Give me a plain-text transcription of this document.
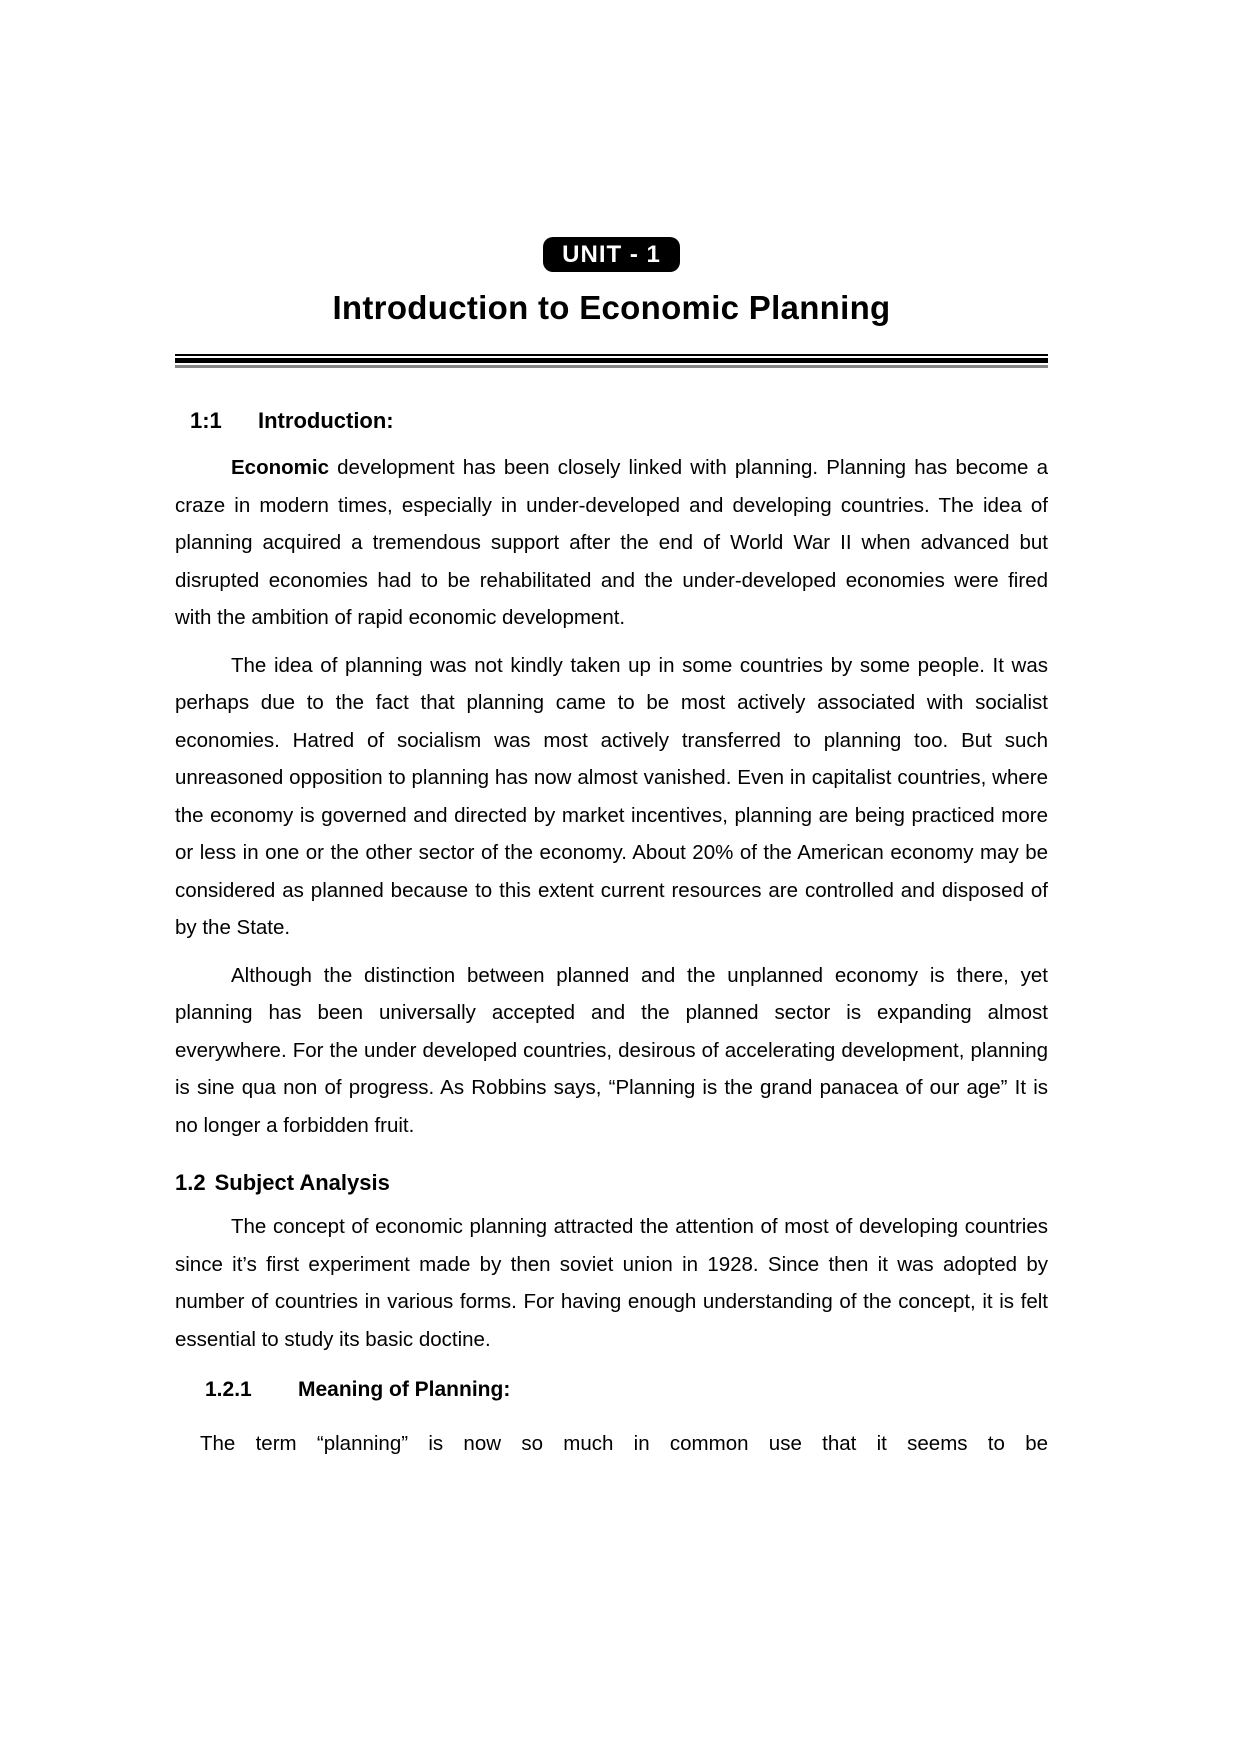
UNIT - 1
Introduction to Economic Planning
1:1 Introduction:

Economic development has been closely linked with planning. Planning has become a craze in modern times, especially in under-developed and developing countries. The idea of planning acquired a tremendous support after the end of World War II when advanced but disrupted economies had to be rehabilitated and the under-developed economies were fired with the ambition of rapid economic development.

The idea of planning was not kindly taken up in some countries by some people. It was perhaps due to the fact that planning came to be most actively associated with socialist economies. Hatred of socialism was most actively transferred to planning too. But such unreasoned opposition to planning has now almost vanished. Even in capitalist countries, where the economy is governed and directed by market incentives, planning are being practiced more or less in one or the other sector of the economy. About 20% of the American economy may be considered as planned because to this extent current resources are controlled and disposed of by the State.

Although the distinction between planned and the unplanned economy is there, yet planning has been universally accepted and the planned sector is expanding almost everywhere. For the under developed countries, desirous of accelerating development, planning is sine qua non of progress. As Robbins says, “Planning is the grand panacea of our age” It is no longer a forbidden fruit.

1.2 Subject Analysis

The concept of economic planning attracted the attention of most of developing countries since it’s first experiment made by then soviet union in 1928. Since then it was adopted by number of countries in various forms. For having enough understanding of the concept, it is felt essential to study its basic doctine.

1.2.1 Meaning of Planning:

The term “planning” is now so much in common use that it seems to be
